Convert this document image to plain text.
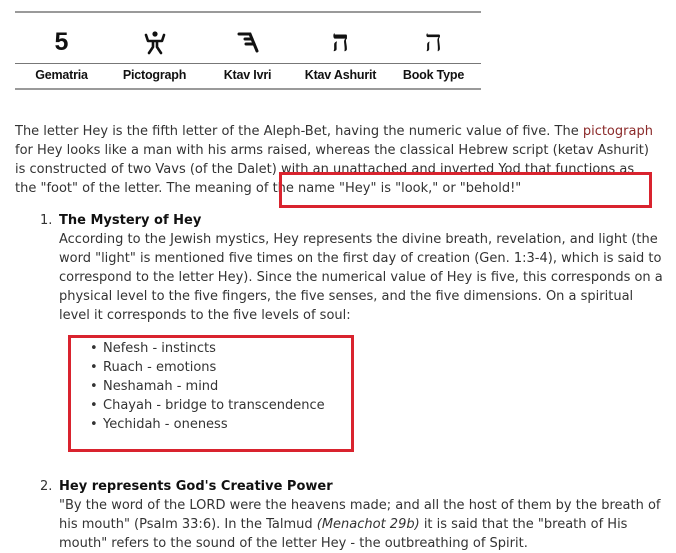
5
Gematria	Pictograph	Ktav Ivri
ה
Ktav Ashurit
ה
Book Type
The letter Hey is the fifth letter of the Aleph-Bet, having the numeric value of five. The pictograph for Hey looks like a man with his arms raised, whereas the classical Hebrew script (ketav Ashurit) is constructed of two Vavs (of the Dalet) with an unattached and inverted Yod that functions as the "foot" of the letter. The meaning of the name "Hey" is "look," or "behold!"
1. The Mystery of Hey
According to the Jewish mystics, Hey represents the divine breath, revelation, and light (the word "light" is mentioned five times on the first day of creation (Gen. 1:3-4), which is said to correspond to the letter Hey). Since the numerical value of Hey is five, this corresponds on a physical level to the five fingers, the five senses, and the five dimensions. On a spiritual level it corresponds to the five levels of soul:
• Nefesh - instincts
• Ruach - emotions
• Neshamah - mind
• Chayah - bridge to transcendence
• Yechidah - oneness
2. Hey represents God's Creative Power
"By the word of the LORD were the heavens made; and all the host of them by the breath of his mouth" (Psalm 33:6). In the Talmud (Menachot 29b) it is said that the "breath of His mouth" refers to the sound of the letter Hey - the outbreathing of Spirit.
